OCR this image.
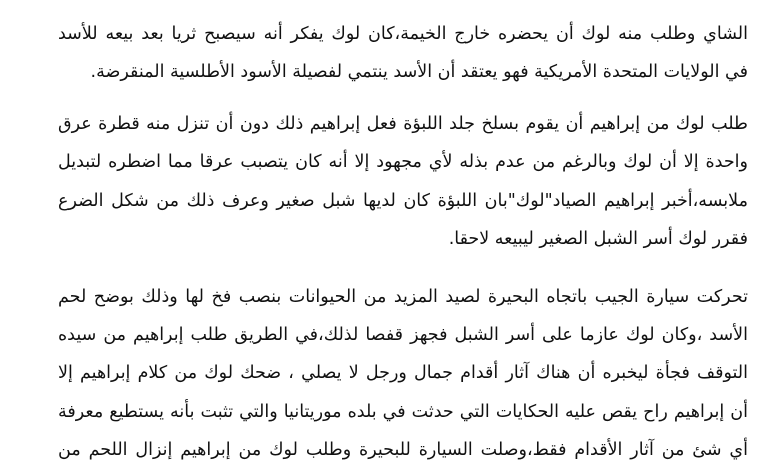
الشاي وطلب منه لوك أن يحضره خارج الخيمة،كان لوك يفكر أنه سيصبح ثريا بعد بيعه للأسد
في الولايات المتحدة الأمريكية فهو يعتقد أن الأسد ينتمي لفصيلة الأسود الأطلسية المنقرضة.
طلب لوك من إبراهيم أن يقوم بسلخ جلد اللبؤة فعل إبراهيم ذلك دون أن تنزل منه قطرة عرق
واحدة إلا أن لوك وبالرغم من عدم بذله لأي مجهود إلا أنه كان يتصبب عرقا مما اضطره لتبديل
ملابسه،أخبر إبراهيم الصياد"لوك"بان اللبؤة كان لديها شبل صغير وعرف ذلك من شكل الضرع
فقرر لوك أسر الشبل الصغير ليبيعه لاحقا.
تحركت سيارة الجيب باتجاه البحيرة لصيد المزيد من الحيوانات بنصب فخ لها وذلك بوضح لحم
الأسد ،وكان لوك عازما على أسر الشبل فجهز قفصا لذلك،في الطريق طلب إبراهيم من سيده
التوقف فجأة ليخبره أن هناك آثار أقدام جمال ورجل لا يصلي ، ضحك لوك من كلام إبراهيم إلا
أن إبراهيم راح يقص عليه الحكايات التي حدثت في بلده موريتانيا والتي تثبت بأنه يستطيع معرفة
أي شئ من آثار الأقدام فقط،وصلت السيارة للبحيرة وطلب لوك من إبراهيم إنزال اللحم من
